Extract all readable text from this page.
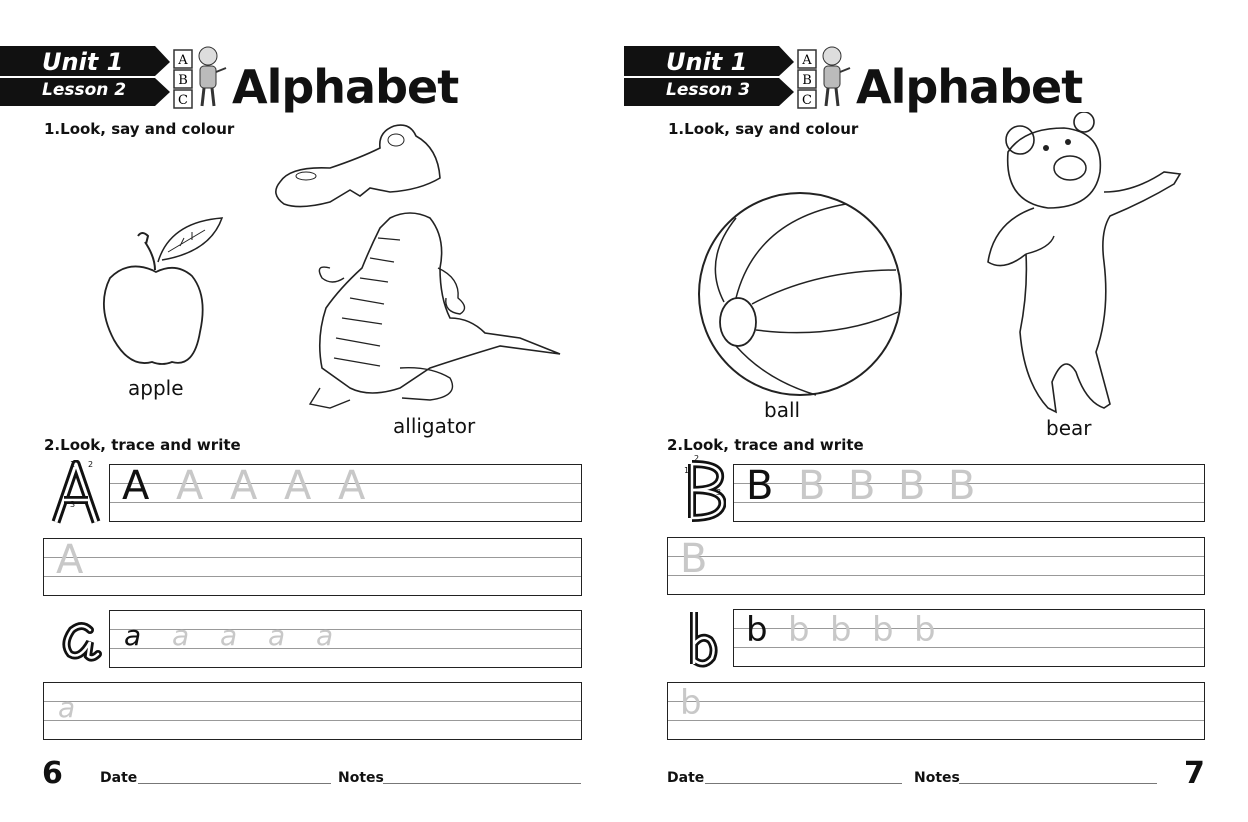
Unit 1
Lesson 2
A
B
C Alphabet
1.Look, say and colour
apple
alligator
2.Look, trace and write
1 2
3 A A A A A
A
a a a a a
a
6	Date	Notes
Unit 1
Lesson 3
A
B
C Alphabet
1.Look, say and colour
ball
bear
2.Look, trace and write
2
1
3 B B B B B
B
b b b b b
b
Date	Notes	7
